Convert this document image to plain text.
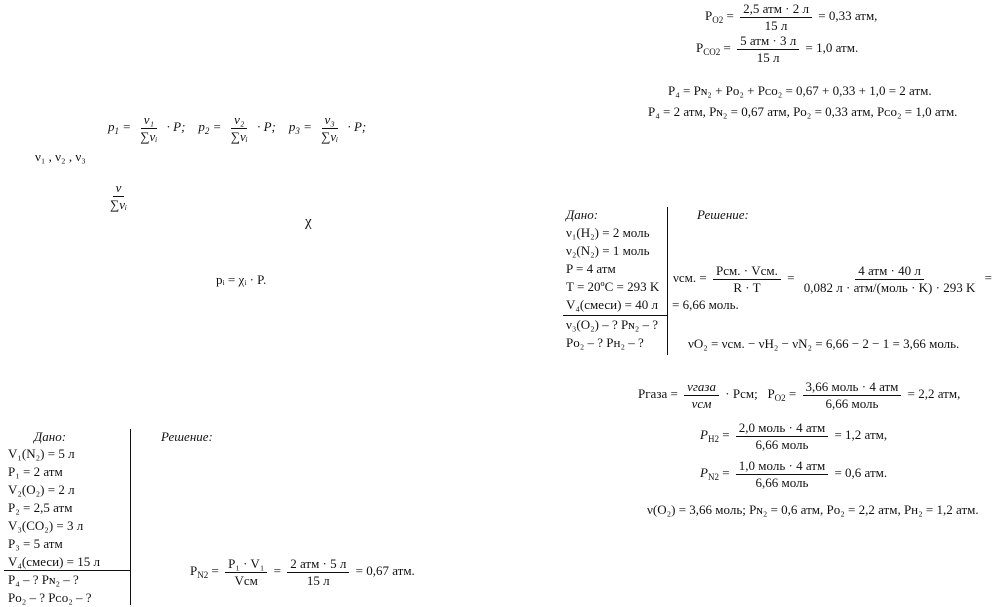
$P_{O2} = \frac{\text{2,5 атм · 2 л}}{15 л} = 0,33$ атм,
$P_{CO2} = \frac{\text{5 атм · 3 л}}{15 л} = 1,0$ атм.
P₄ = Pɴ₂ + Pᴏ₂ + Pᴄᴏ₂ = 0,67 + 0,33 + 1,0 = 2 атм.
P₄ = 2 атм, Pɴ₂ = 0,67 атм, Pᴏ₂ = 0,33 атм, Pᴄᴏ₂ = 1,0 атм.
$p_1 = \frac{\text{ν₁}}{\text{∑νᵢ}} \cdot P$; $p_2 = \frac{\text{ν₂}}{\text{∑νᵢ}} \cdot P$; $p_3 = \frac{\text{ν₃}}{\text{∑νᵢ}} \cdot P$;
ν₁ , ν₂ , ν₃
$\frac{\nu}{\text{∑νᵢ}}$
χ
pᵢ = χᵢ · P.
Дано:
V₁(N₂) = 5 л
P₁ = 2 атм
V₂(O₂) = 2 л
P₂ = 2,5 атм
V₃(CO₂) = 3 л
P₃ = 5 атм
V₄(смеси) = 15 л
P₄ – ? Pɴ₂ – ?
Pᴏ₂ – ? Pᴄᴏ₂ – ?
Решение:
$P_{N2} = \frac{\text{P₁ · V₁}}{\text{Vсм}} = \frac{\text{2 атм · 5 л}}{15 л} = 0,67$ атм.
Дано:
ν₁(H₂) = 2 моль
ν₂(N₂) = 1 моль
P = 4 атм
T = 20ºC = 293 K
V₄(смеси) = 40 л
ν₃(O₂) – ? Pɴ₂ – ?
Pᴏ₂ – ? Pʜ₂ – ?
Решение:
νсм. = $\frac{\text{Pсм. · Vсм.}}{R \cdot T} = \frac{\text{4 атм · 40 л}}{\text{0,082 л · атм/(моль · K) · 293 K}}$ =
= 6,66 моль.
νO₂ = νсм. − νH₂ − νN₂ = 6,66 − 2 − 1 = 3,66 моль.
Pгаза = $\frac{\text{νгаза}}{\text{νсм}}$ · Pсм; $P_{O2} = \frac{\text{3,66 моль · 4 атм}}{\text{6,66 моль}} = 2,2$ атм,
$P_{H2} = \frac{\text{2,0 моль · 4 атм}}{\text{6,66 моль}} = 1,2$ атм,
$P_{N2} = \frac{\text{1,0 моль · 4 атм}}{\text{6,66 моль}} = 0,6$ атм.
ν(O₂) = 3,66 моль; Pɴ₂ = 0,6 атм, Pᴏ₂ = 2,2 атм, Pʜ₂ = 1,2 атм.
